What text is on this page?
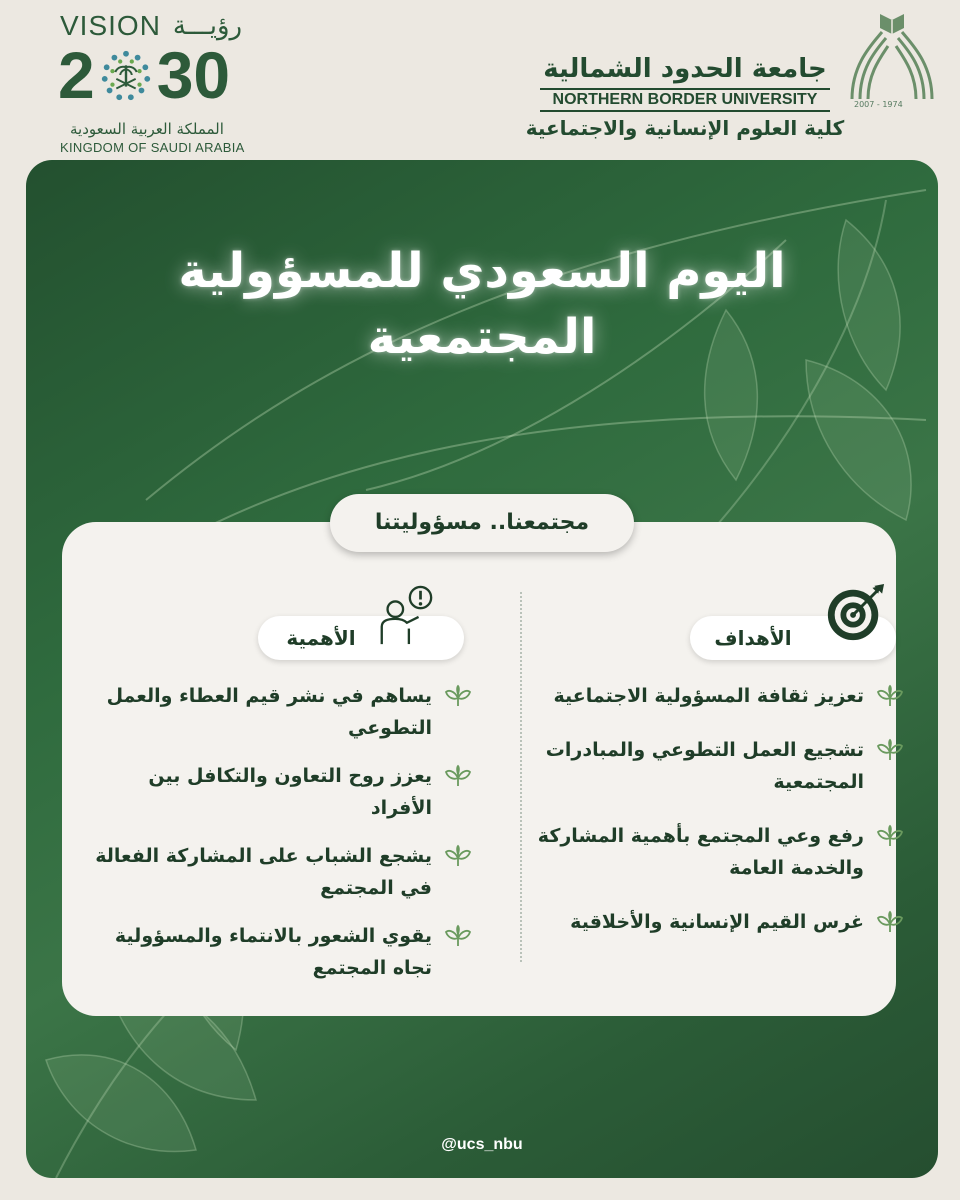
VISION رؤيـــة
2 30
المملكة العربية السعودية
KINGDOM OF SAUDI ARABIA
جامعة الحدود الشمالية
NORTHERN BORDER UNIVERSITY
كلية العلوم الإنسانية والاجتماعية
2007 - 1974
اليوم السعودي للمسؤولية
المجتمعية
مجتمعنا.. مسؤوليتنا
الأهداف
تعزيز ثقافة المسؤولية الاجتماعية
تشجيع العمل التطوعي والمبادرات المجتمعية
رفع وعي المجتمع بأهمية المشاركة والخدمة العامة
غرس القيم الإنسانية والأخلاقية
الأهمية
يساهم في نشر قيم العطاء والعمل التطوعي
يعزز روح التعاون والتكافل بين الأفراد
يشجع الشباب على المشاركة الفعالة في المجتمع
يقوي الشعور بالانتماء والمسؤولية تجاه المجتمع
@ucs_nbu
